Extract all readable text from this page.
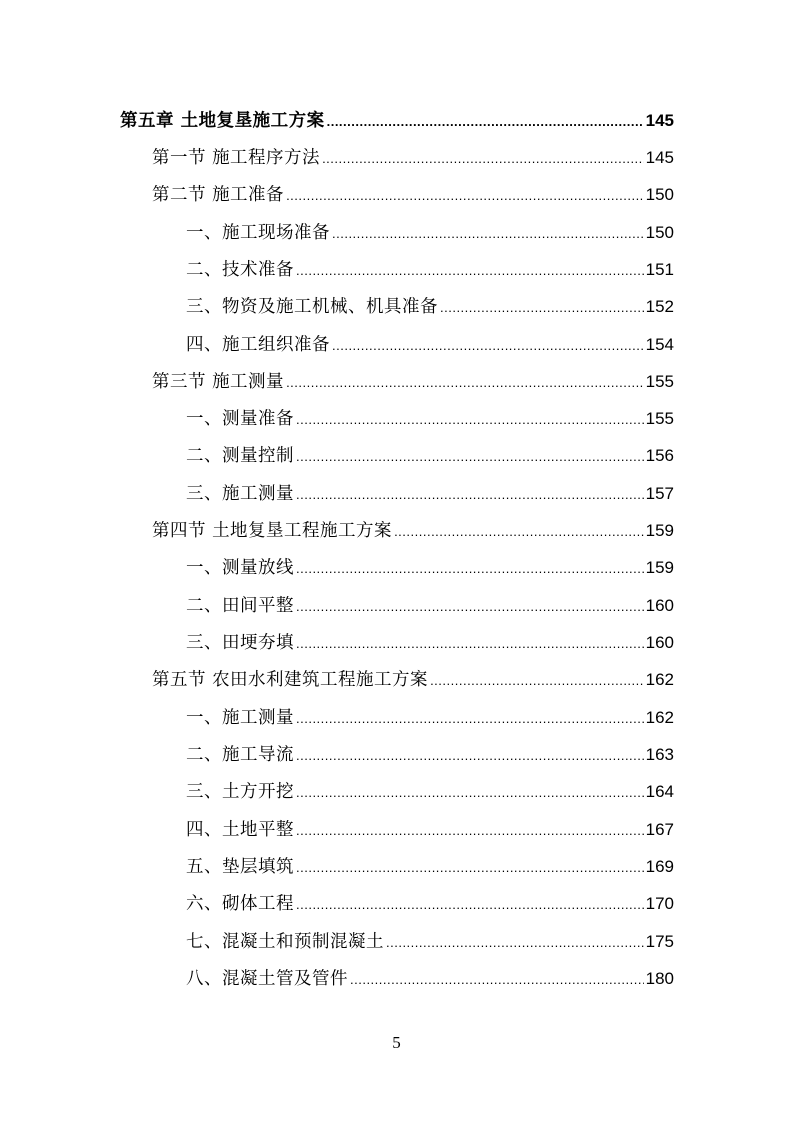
第五章 土地复垦施工方案 .....	145
第一节 施工程序方法 .....	145
第二节 施工准备 .....	150
一、施工现场准备 .....	150
二、技术准备 .....	151
三、物资及施工机械、机具准备 .....	152
四、施工组织准备 .....	154
第三节 施工测量 .....	155
一、测量准备 .....	155
二、测量控制 .....	156
三、施工测量 .....	157
第四节 土地复垦工程施工方案 .....	159
一、测量放线 .....	159
二、田间平整 .....	160
三、田埂夯填 .....	160
第五节 农田水利建筑工程施工方案 .....	162
一、施工测量 .....	162
二、施工导流 .....	163
三、土方开挖 .....	164
四、土地平整 .....	167
五、垫层填筑 .....	169
六、砌体工程 .....	170
七、混凝土和预制混凝土 .....	175
八、混凝土管及管件 .....	180
5
